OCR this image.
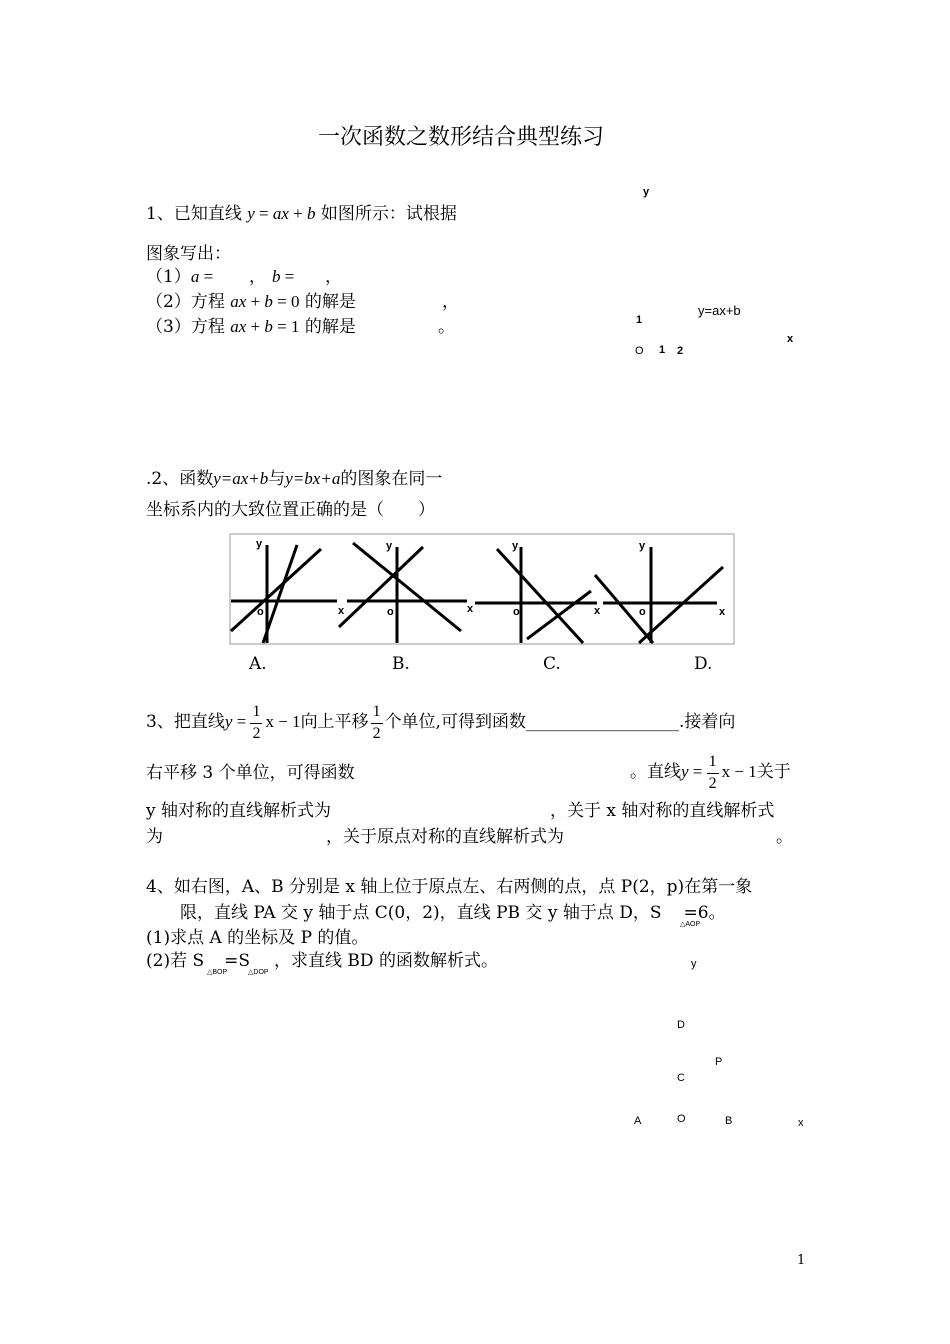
一次函数之数形结合典型练习
1、已知直线 y = ax + b 如图所示：试根据
图象写出：
（1）a = ， b = ，
（2）方程 ax + b = 0 的解是	，
（3）方程 ax + b = 1 的解是	。
y
1
y=ax+b
x
O 1 2
.2、函数y=ax+b与y=bx+a的图象在同一
坐标系内的大致位置正确的是（　　）
y
x
o
y
x
o
y
x
o
y
x
o
A.	B.	C.	D.
3、把直线$y = \frac{1}{2}$ x − 1向上平移 $\frac{1}{2}$ 个单位,可得到函数__________________.接着向
右平移 3 个单位，可得函数	。直线$y = \frac{1}{2}$ x − 1关于
y 轴对称的直线解析式为	，关于 x 轴对称的直线解析式
为	，关于原点对称的直线解析式为	。
4、如右图，A、B 分别是 x 轴上位于原点左、右两侧的点，点 P(2，p)在第一象
限，直线 PA 交 y 轴于点 C(0，2)，直线 PB 交 y 轴于点 D，S =6。
△AOP
(1)求点 A 的坐标及 P 的值。
(2)若 S =S ，求直线 BD 的函数解析式。
△BOP	△DOP
y
D
P
C
A	O	B	x
1
